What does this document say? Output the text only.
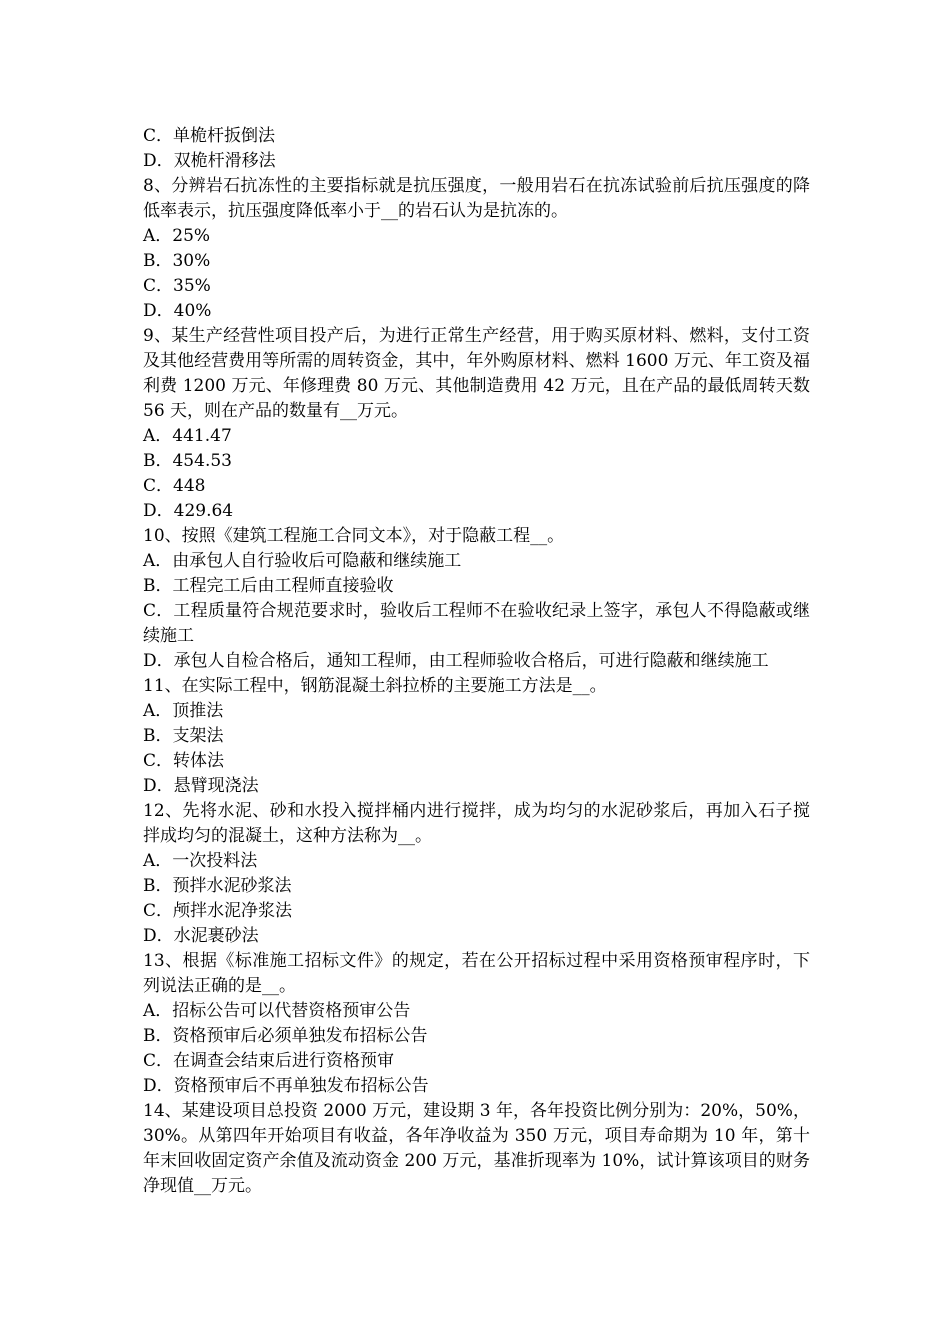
C．单桅杆扳倒法

D．双桅杆滑移法

8、分辨岩石抗冻性的主要指标就是抗压强度，一般用岩石在抗冻试验前后抗压强度的降低率表示，抗压强度降低率小于__的岩石认为是抗冻的。

A．25%

B．30%

C．35%

D．40%

9、某生产经营性项目投产后，为进行正常生产经营，用于购买原材料、燃料，支付工资及其他经营费用等所需的周转资金，其中，年外购原材料、燃料 1600 万元、年工资及福利费 1200 万元、年修理费 80 万元、其他制造费用 42 万元，且在产品的最低周转天数 56 天，则在产品的数量有__万元。

A．441.47

B．454.53

C．448

D．429.64

10、按照《建筑工程施工合同文本》，对于隐蔽工程__。

A．由承包人自行验收后可隐蔽和继续施工

B．工程完工后由工程师直接验收

C．工程质量符合规范要求时，验收后工程师不在验收纪录上签字，承包人不得隐蔽或继续施工

D．承包人自检合格后，通知工程师，由工程师验收合格后，可进行隐蔽和继续施工

11、在实际工程中，钢筋混凝土斜拉桥的主要施工方法是__。

A．顶推法

B．支架法

C．转体法

D．悬臂现浇法

12、先将水泥、砂和水投入搅拌桶内进行搅拌，成为均匀的水泥砂浆后，再加入石子搅拌成均匀的混凝土，这种方法称为__。

A．一次投料法

B．预拌水泥砂浆法

C．颅拌水泥净浆法

D．水泥裹砂法

13、根据《标准施工招标文件》的规定，若在公开招标过程中采用资格预审程序时，下列说法正确的是__。

A．招标公告可以代替资格预审公告

B．资格预审后必须单独发布招标公告

C．在调查会结束后进行资格预审

D．资格预审后不再单独发布招标公告

14、某建设项目总投资 2000 万元，建设期 3 年，各年投资比例分别为：20%，50%，30%。从第四年开始项目有收益，各年净收益为 350 万元，项目寿命期为 10 年，第十年末回收固定资产余值及流动资金 200 万元，基准折现率为 10%，试计算该项目的财务净现值__万元。
